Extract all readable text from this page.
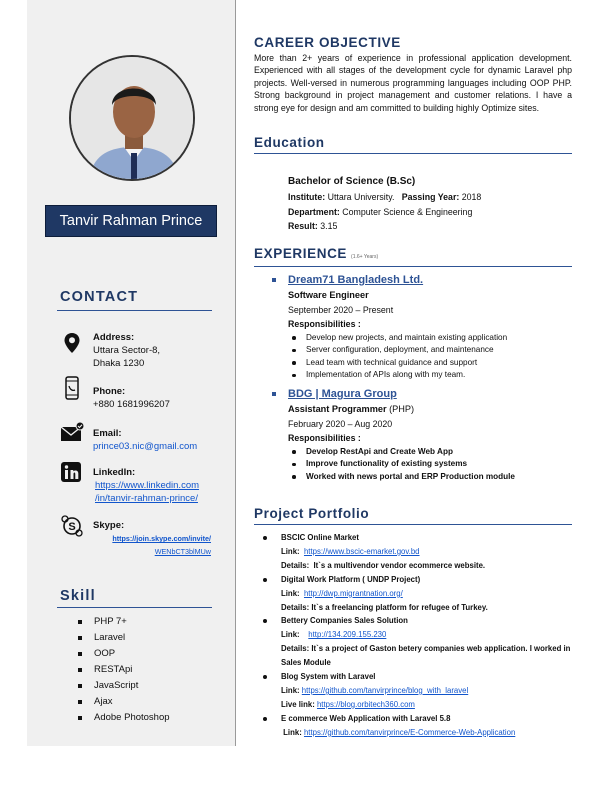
Tanvir Rahman Prince
CONTACT
Address:
Uttara Sector-8,
Dhaka 1230
Phone:
+880 1681996207
Email:
prince03.nic@gmail.com
LinkedIn:
https://www.linkedin.com
/in/tanvir-rahman-prince/
S Skype:
https://join.skype.com/invite/
WENbCT3blMUw
Skill
PHP 7+
Laravel
OOP
RESTApi
JavaScript
Ajax
Adobe Photoshop
CAREER OBJECTIVE
More than 2+ years of experience in professional application development. Experienced with all stages of the development cycle for dynamic Laravel php projects. Well-versed in numerous programming languages including OOP PHP. Strong background in project management and customer relations. I have a strong eye for design and am committed to building highly Optimize sites.
Education
Bachelor of Science (B.Sc)
Institute: Uttara University. Passing Year: 2018
Department: Computer Science & Engineering
Result: 3.15
EXPERIENCE (1.6+ Years)
Dream71 Bangladesh Ltd.
Software Engineer
September 2020 – Present
Responsibilities :
Develop new projects, and maintain existing application
Server configuration, deployment, and maintenance
Lead team with technical guidance and support
Implementation of APIs along with my team.
BDG | Magura Group
Assistant Programmer (PHP)
February 2020 – Aug 2020
Responsibilities :
Develop RestApi and Create Web App
Improve functionality of existing systems
Worked with news portal and ERP Production module
Project Portfolio
BSCIC Online Market
Link: https://www.bscic-emarket.gov.bd
Details: It`s a multivendor vendor ecommerce website.
Digital Work Platform ( UNDP Project)
Link: http://dwp.migrantnation.org/
Details: It`s a freelancing platform for refugee of Turkey.
Bettery Companies Sales Solution
Link: http://134.209.155.230
Details: It`s a project of Gaston betery companies web application. I worked in Sales Module
Blog System with Laravel
Link: https://github.com/tanvirprince/blog_with_laravel
Live link: https://blog.orbitech360.com
E commerce Web Application with Laravel 5.8
Link: https://github.com/tanvirprince/E-Commerce-Web-Application
